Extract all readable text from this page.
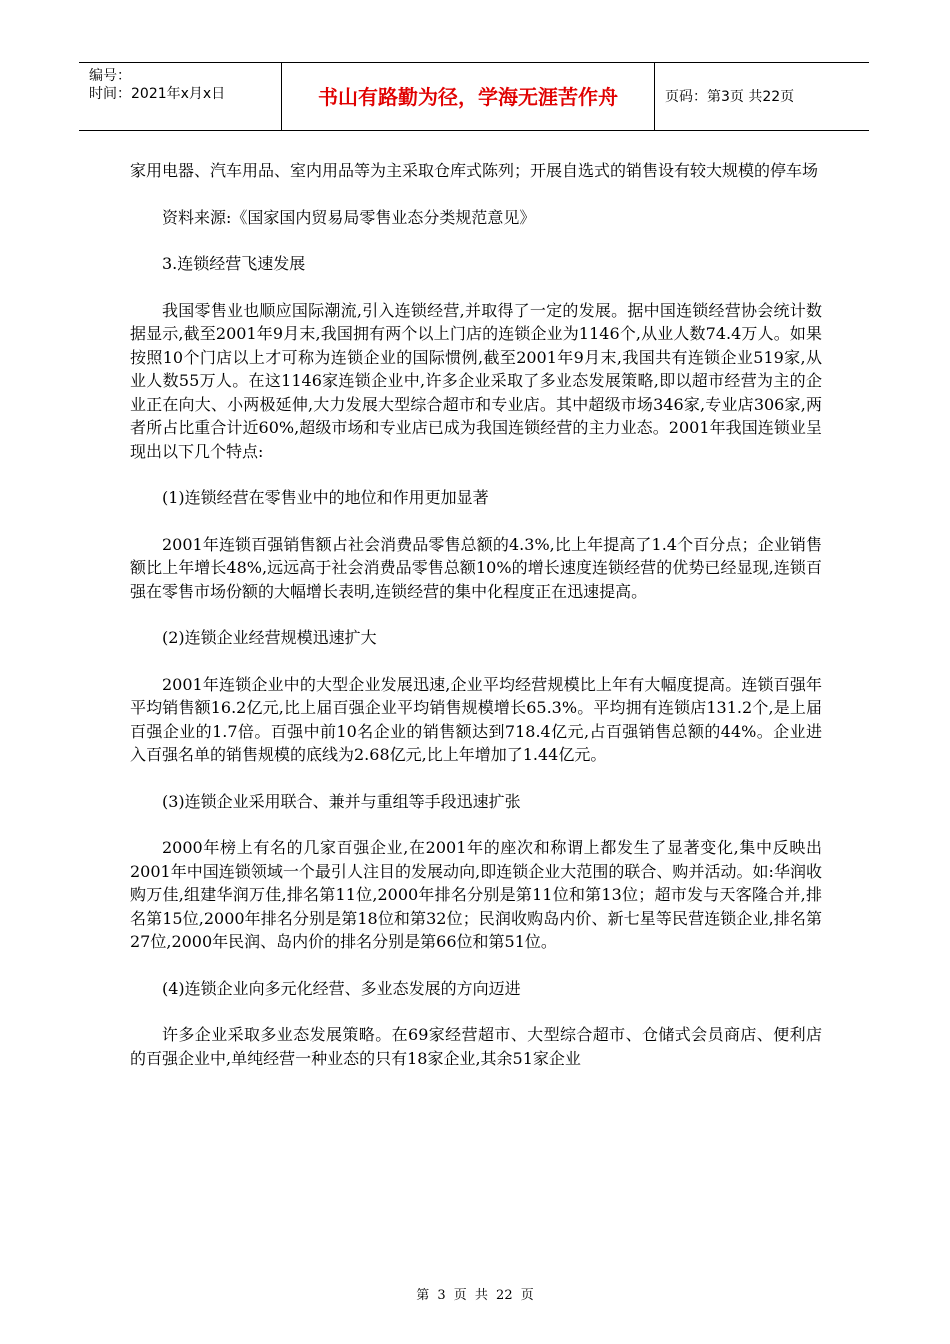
编号：
时间：2021年x月x日	书山有路勤为径，学海无涯苦作舟	页码：第3页 共22页

家用电器、汽车用品、室内用品等为主采取仓库式陈列；开展自选式的销售设有较大规模的停车场

资料来源:《国家国内贸易局零售业态分类规范意见》

3.连锁经营飞速发展

我国零售业也顺应国际潮流,引入连锁经营,并取得了一定的发展。据中国连锁经营协会统计数据显示,截至2001年9月末,我国拥有两个以上门店的连锁企业为1146个,从业人数74.4万人。如果按照10个门店以上才可称为连锁企业的国际惯例,截至2001年9月末,我国共有连锁企业519家,从业人数55万人。在这1146家连锁企业中,许多企业采取了多业态发展策略,即以超市经营为主的企业正在向大、小两极延伸,大力发展大型综合超市和专业店。其中超级市场346家,专业店306家,两者所占比重合计近60%,超级市场和专业店已成为我国连锁经营的主力业态。2001年我国连锁业呈现出以下几个特点:

(1)连锁经营在零售业中的地位和作用更加显著

2001年连锁百强销售额占社会消费品零售总额的4.3%,比上年提高了1.4个百分点；企业销售额比上年增长48%,远远高于社会消费品零售总额10%的增长速度连锁经营的优势已经显现,连锁百强在零售市场份额的大幅增长表明,连锁经营的集中化程度正在迅速提高。

(2)连锁企业经营规模迅速扩大

2001年连锁企业中的大型企业发展迅速,企业平均经营规模比上年有大幅度提高。连锁百强年平均销售额16.2亿元,比上届百强企业平均销售规模增长65.3%。平均拥有连锁店131.2个,是上届百强企业的1.7倍。百强中前10名企业的销售额达到718.4亿元,占百强销售总额的44%。企业进入百强名单的销售规模的底线为2.68亿元,比上年增加了1.44亿元。

(3)连锁企业采用联合、兼并与重组等手段迅速扩张

2000年榜上有名的几家百强企业,在2001年的座次和称谓上都发生了显著变化,集中反映出2001年中国连锁领域一个最引人注目的发展动向,即连锁企业大范围的联合、购并活动。如:华润收购万佳,组建华润万佳,排名第11位,2000年排名分别是第11位和第13位；超市发与天客隆合并,排名第15位,2000年排名分别是第18位和第32位；民润收购岛内价、新七星等民营连锁企业,排名第27位,2000年民润、岛内价的排名分别是第66位和第51位。

(4)连锁企业向多元化经营、多业态发展的方向迈进

许多企业采取多业态发展策略。在69家经营超市、大型综合超市、仓储式会员商店、便利店的百强企业中,单纯经营一种业态的只有18家企业,其余51家企业

第 3 页 共 22 页
